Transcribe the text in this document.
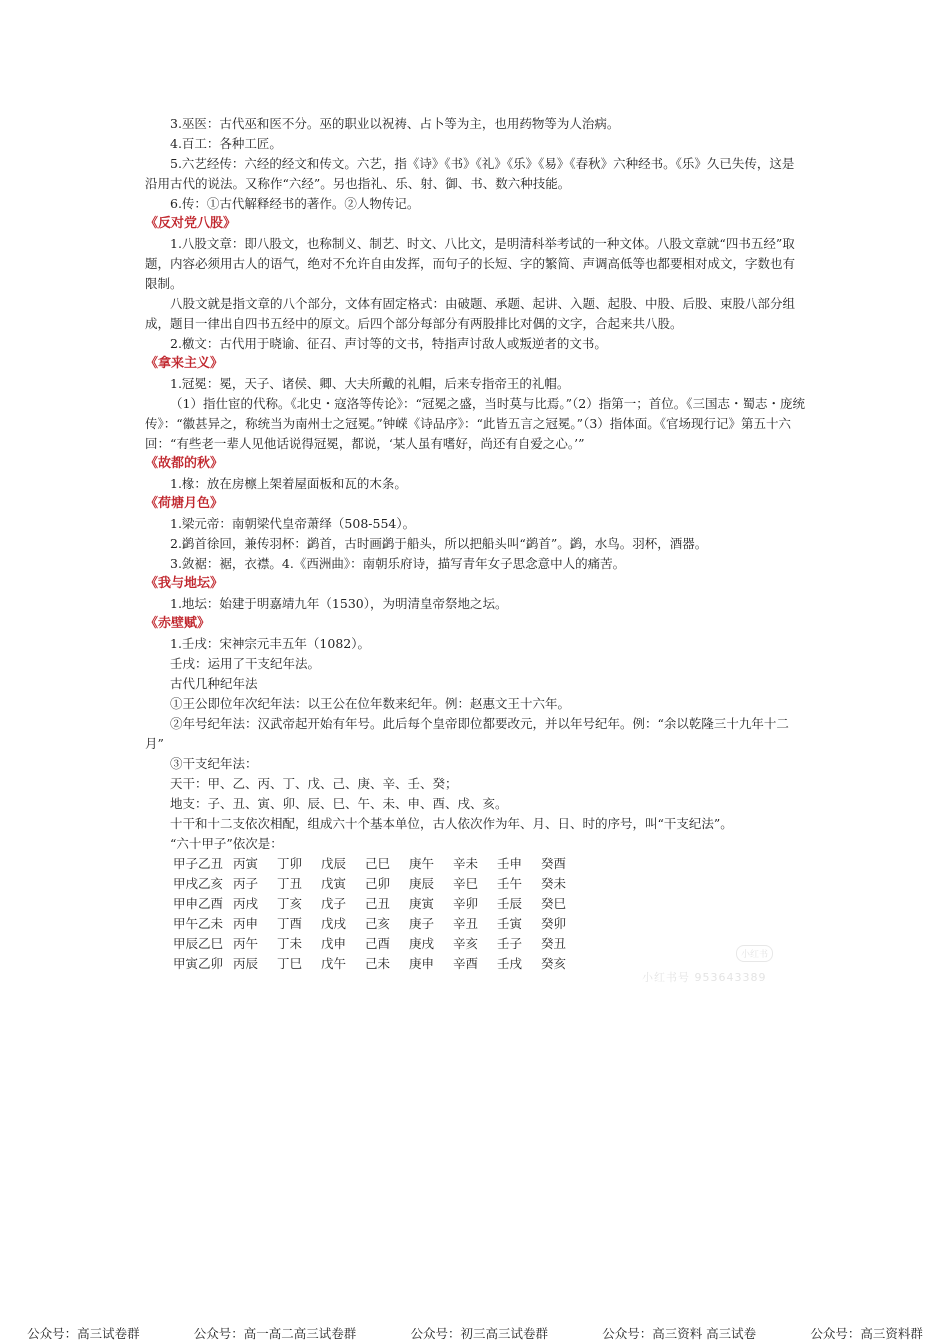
3.巫医：古代巫和医不分。巫的职业以祝祷、占卜等为主，也用药物等为人治病。

4.百工：各种工匠。

5.六艺经传：六经的经文和传文。六艺，指《诗》《书》《礼》《乐》《易》《春秋》六种经书。《乐》久已失传，这是沿用古代的说法。又称作“六经”。另也指礼、乐、射、御、书、数六种技能。

6.传：①古代解释经书的著作。②人物传记。

《反对党八股》

1.八股文章：即八股文，也称制义、制艺、时文、八比文，是明清科举考试的一种文体。八股文章就“四书五经”取题，内容必须用古人的语气，绝对不允许自由发挥，而句子的长短、字的繁简、声调高低等也都要相对成文，字数也有限制。

八股文就是指文章的八个部分，文体有固定格式：由破题、承题、起讲、入题、起股、中股、后股、束股八部分组成，题目一律出自四书五经中的原文。后四个部分每部分有两股排比对偶的文字，合起来共八股。

2.檄文：古代用于晓谕、征召、声讨等的文书，特指声讨敌人或叛逆者的文书。

《拿来主义》

1.冠冕：冕，天子、诸侯、卿、大夫所戴的礼帽，后来专指帝王的礼帽。

（1）指仕宦的代称。《北史・寇洛等传论》：“冠冕之盛，当时莫与比焉。”（2）指第一；首位。《三国志・蜀志・庞统传》：“徽甚异之，称统当为南州士之冠冕。”钟嵘《诗品序》：“此皆五言之冠冕。”（3）指体面。《官场现行记》第五十六回：“有些老一辈人见他话说得冠冕，都说，‘某人虽有嗜好，尚还有自爱之心。’”

《故都的秋》

1.椽：放在房檩上架着屋面板和瓦的木条。

《荷塘月色》

1.梁元帝：南朝梁代皇帝萧绎（508-554）。

2.鹢首徐回，兼传羽杯：鹢首，古时画鹢于船头，所以把船头叫“鹢首”。鹢，水鸟。羽杯，酒器。

3.敛裾：裾，衣襟。4.《西洲曲》：南朝乐府诗，描写青年女子思念意中人的痛苦。

《我与地坛》

1.地坛：始建于明嘉靖九年（1530），为明清皇帝祭地之坛。

《赤壁赋》

1.壬戌：宋神宗元丰五年（1082）。

壬戌：运用了干支纪年法。

古代几种纪年法

①王公即位年次纪年法：以王公在位年数来纪年。例：赵惠文王十六年。

②年号纪年法：汉武帝起开始有年号。此后每个皇帝即位都要改元，并以年号纪年。例：“余以乾隆三十九年十二月”

③干支纪年法：

天干：甲、乙、丙、丁、戊、己、庚、辛、壬、癸；

地支：子、丑、寅、卯、辰、巳、午、未、申、酉、戌、亥。

十干和十二支依次相配，组成六十个基本单位，古人依次作为年、月、日、时的序号，叫“干支纪法”。

“六十甲子”依次是：

甲子乙丑 丙寅	丁卯	戊辰	己巳	庚午	辛未	壬申	癸酉
甲戌乙亥 丙子	丁丑	戊寅	己卯	庚辰	辛巳	壬午	癸未
甲申乙酉 丙戌	丁亥	戊子	己丑	庚寅	辛卯	壬辰	癸巳
甲午乙未 丙申	丁酉	戊戌	己亥	庚子	辛丑	壬寅	癸卯
甲辰乙巳 丙午	丁未	戊申	己酉	庚戌	辛亥	壬子	癸丑
甲寅乙卯 丙辰	丁巳	戊午	己未	庚申	辛酉	壬戌	癸亥
小红书
小红书号 953643389
公众号：高三试卷群	公众号：高一高二高三试卷群	公众号：初三高三试卷群	公众号：高三资料 高三试卷	公众号：高三资料群
